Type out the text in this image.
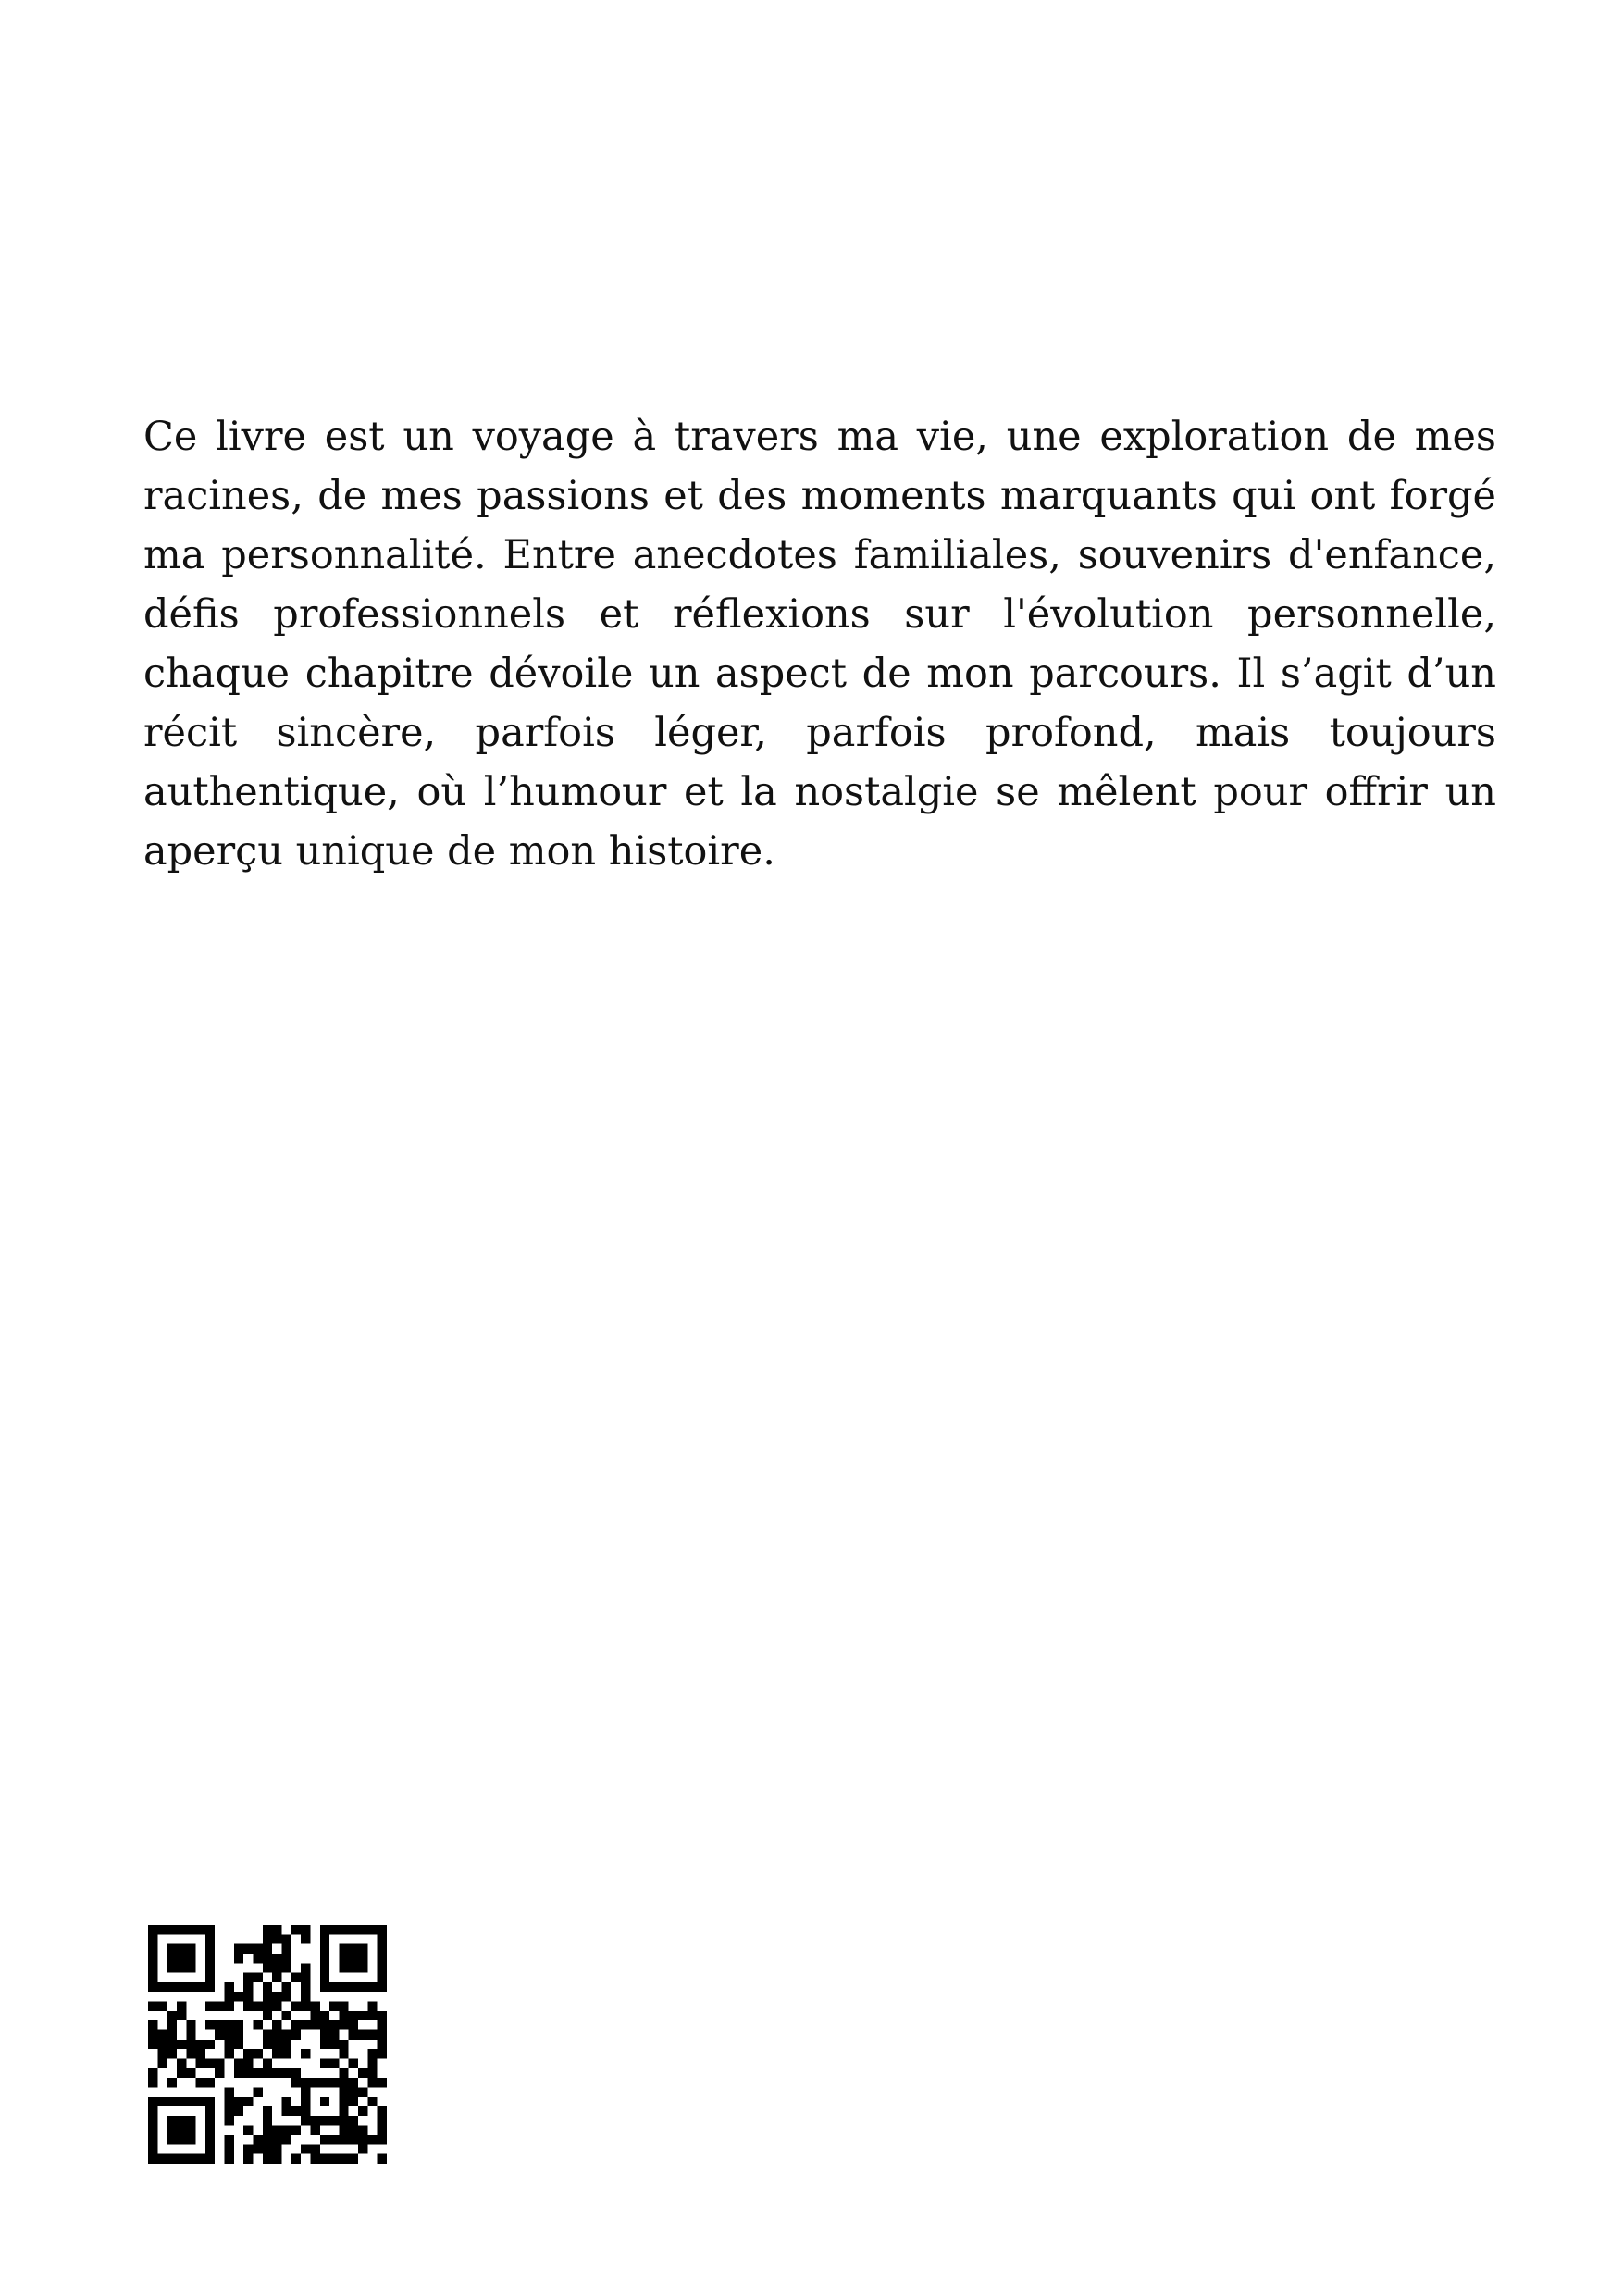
Ce livre est un voyage à travers ma vie, une exploration de mes racines, de mes passions et des moments marquants qui ont forgé ma personnalité. Entre anecdotes familiales, souvenirs d'enfance, défis professionnels et réflexions sur l'évolution personnelle, chaque chapitre dévoile un aspect de mon parcours. Il s’agit d’un récit sincère, parfois léger, parfois profond, mais toujours authentique, où l’humour et la nostalgie se mêlent pour offrir un aperçu unique de mon histoire.
